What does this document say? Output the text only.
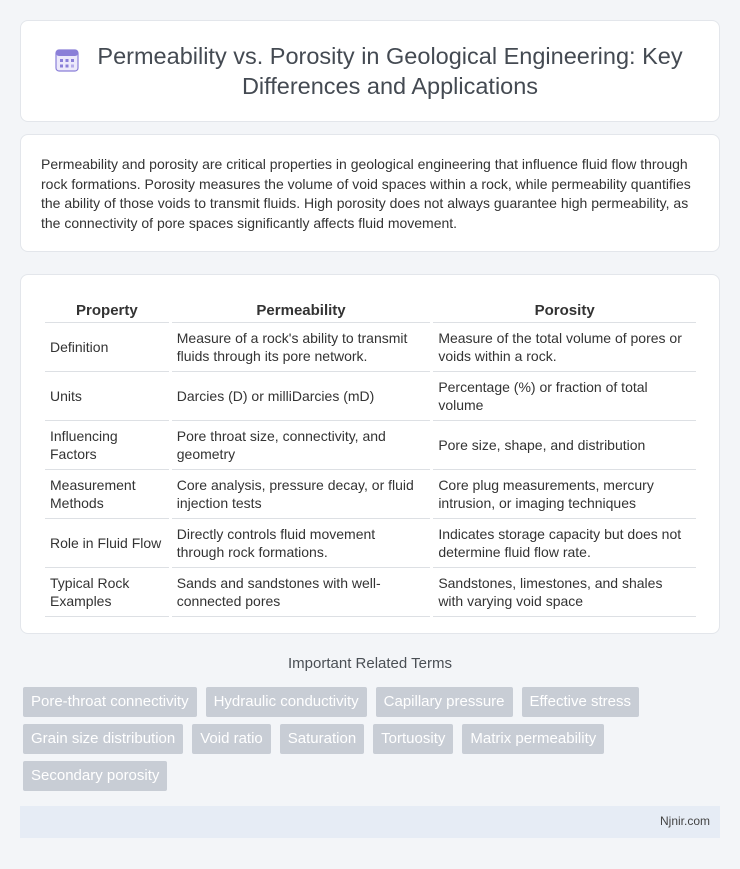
Permeability vs. Porosity in Geological Engineering: Key Differences and Applications

Permeability and porosity are critical properties in geological engineering that influence fluid flow through rock formations. Porosity measures the volume of void spaces within a rock, while permeability quantifies the ability of those voids to transmit fluids. High porosity does not always guarantee high permeability, as the connectivity of pore spaces significantly affects fluid movement.

Property	Permeability	Porosity
Definition	Measure of a rock's ability to transmit fluids through its pore network.	Measure of the total volume of pores or voids within a rock.
Units	Darcies (D) or milliDarcies (mD)	Percentage (%) or fraction of total volume
Influencing Factors	Pore throat size, connectivity, and geometry	Pore size, shape, and distribution
Measurement Methods	Core analysis, pressure decay, or fluid injection tests	Core plug measurements, mercury intrusion, or imaging techniques
Role in Fluid Flow	Directly controls fluid movement through rock formations.	Indicates storage capacity but does not determine fluid flow rate.
Typical Rock Examples	Sands and sandstones with well-connected pores	Sandstones, limestones, and shales with varying void space
Important Related Terms
Pore-throat connectivity	Hydraulic conductivity	Capillary pressure	Effective stress
Grain size distribution	Void ratio	Saturation	Tortuosity	Matrix permeability
Secondary porosity
Njnir.com
